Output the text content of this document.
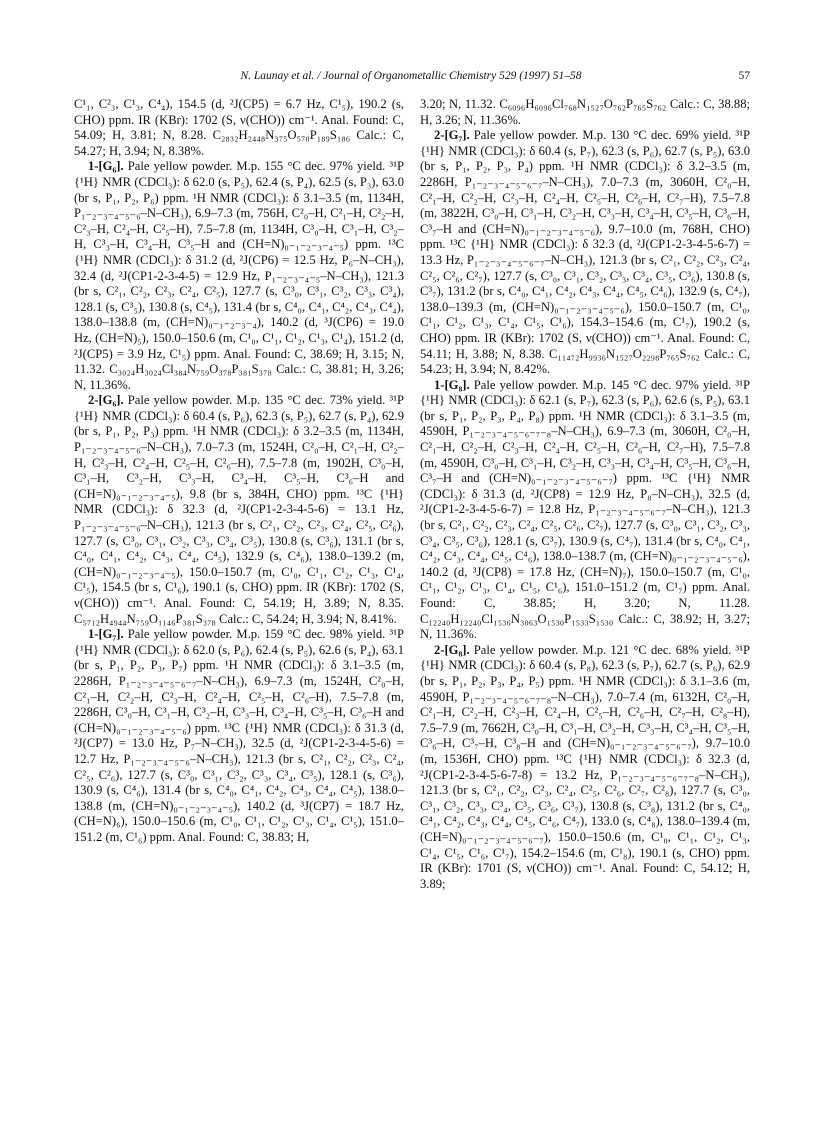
N. Launay et al. / Journal of Organometallic Chemistry 529 (1997) 51–58	57

C¹₁, C²₃, C¹₃, C⁴₄), 154.5 (d, ²J(CP5) = 6.7 Hz, C¹₅), 190.2 (s, CHO) ppm. IR (KBr): 1702 (S, ν(CHO)) cm⁻¹. Anal. Found: C, 54.09; H, 3.81; N, 8.28. C₂₈₃₂H₂₄₄₈N₃₇₅O₅₇₀P₁₈₉S₁₈₆ Calc.: C, 54.27; H, 3.94; N, 8.38%.

1-[G₆]. Pale yellow powder. M.p. 155 °C dec. 97% yield. ³¹P {¹H} NMR (CDCl₃): δ 62.0 (s, P₅), 62.4 (s, P₄), 62.5 (s, P₃), 63.0 (br s, P₁, P₂, P₆) ppm. ¹H NMR (CDCl₃): δ 3.1–3.5 (m, 1134H, P₁₋₂₋₃₋₄₋₅₋₆–N–CH₃), 6.9–7.3 (m, 756H, C²₀–H, C²₁–H, C²₂–H, C²₃–H, C²₄–H, C²₅–H), 7.5–7.8 (m, 1134H, C³₀–H, C³₁–H, C³₂–H, C³₃–H, C³₄–H, C³₅–H and (CH=N)₀₋₁₋₂₋₃₋₄₋₅) ppm. ¹³C {¹H} NMR (CDCl₃): δ 31.2 (d, ²J(CP6) = 12.5 Hz, P₆–N–CH₃), 32.4 (d, ²J(CP1-2-3-4-5) = 12.9 Hz, P₁₋₂₋₃₋₄₋₅–N–CH₃), 121.3 (br s, C²₁, C²₂, C²₃, C²₄, C²₅), 127.7 (s, C³₀, C³₁, C³₂, C³₃, C³₄), 128.1 (s, C³₅), 130.8 (s, C⁴₅), 131.4 (br s, C⁴₀, C⁴₁, C⁴₂, C⁴₃, C⁴₄), 138.0–138.8 (m, (CH=N)₀₋₁₋₂₋₃₋₄), 140.2 (d, ³J(CP6) = 19.0 Hz, (CH=N)₅), 150.0–150.6 (m, C¹₀, C¹₁, C¹₂, C¹₃, C¹₄), 151.2 (d, ²J(CP5) = 3.9 Hz, C¹₅) ppm. Anal. Found: C, 38.69; H, 3.15; N, 11.32. C₃₀₂₄H₃₀₂₄Cl₃₈₄N₇₅₉O₃₇₈P₃₈₁S₃₇₈ Calc.: C, 38.81; H, 3.26; N, 11.36%.

2-[G₆]. Pale yellow powder. M.p. 135 °C dec. 73% yield. ³¹P {¹H} NMR (CDCl₃): δ 60.4 (s, P₆), 62.3 (s, P₅), 62.7 (s, P₄), 62.9 (br s, P₁, P₂, P₃) ppm. ¹H NMR (CDCl₃): δ 3.2–3.5 (m, 1134H, P₁₋₂₋₃₋₄₋₅₋₆–N–CH₃), 7.0–7.3 (m, 1524H, C²₀–H, C²₁–H, C²₂–H, C²₃–H, C²₄–H, C²₅–H, C²₆–H), 7.5–7.8 (m, 1902H, C³₀–H, C³₁–H, C³₂–H, C³₃–H, C³₄–H, C³₅–H, C³₆–H and (CH=N)₀₋₁₋₂₋₃₋₄₋₅), 9.8 (br s, 384H, CHO) ppm. ¹³C {¹H} NMR (CDCl₃): δ 32.3 (d, ²J(CP1-2-3-4-5-6) = 13.1 Hz, P₁₋₂₋₃₋₄₋₅₋₆–N–CH₃), 121.3 (br s, C²₁, C²₂, C²₃, C²₄, C²₅, C²₆), 127.7 (s, C³₀, C³₁, C³₂, C³₃, C³₄, C³₅), 130.8 (s, C³₆), 131.1 (br s, C⁴₀, C⁴₁, C⁴₂, C⁴₃, C⁴₄, C⁴₅), 132.9 (s, C⁴₆), 138.0–139.2 (m, (CH=N)₀₋₁₋₂₋₃₋₄₋₅), 150.0–150.7 (m, C¹₀, C¹₁, C¹₂, C¹₃, C¹₄, C¹₅), 154.5 (br s, C¹₆), 190.1 (s, CHO) ppm. IR (KBr): 1702 (S, ν(CHO)) cm⁻¹. Anal. Found: C, 54.19; H, 3.89; N, 8.35. C₅₇₁₂H₄₉₄₄N₇₅₉O₁₁₄₆P₃₈₁S₃₇₈ Calc.: C, 54.24; H, 3.94; N, 8.41%.

1-[G₇]. Pale yellow powder. M.p. 159 °C dec. 98% yield. ³¹P {¹H} NMR (CDCl₃): δ 62.0 (s, P₆), 62.4 (s, P₅), 62.6 (s, P₄), 63.1 (br s, P₁, P₂, P₃, P₇) ppm. ¹H NMR (CDCl₃): δ 3.1–3.5 (m, 2286H, P₁₋₂₋₃₋₄₋₅₋₆₋₇–N–CH₃), 6.9–7.3 (m, 1524H, C²₀–H, C²₁–H, C²₂–H, C²₃–H, C²₄–H, C²₅–H, C²₆–H), 7.5–7.8 (m, 2286H, C³₀–H, C³₁–H, C³₂–H, C³₃–H, C³₄–H, C³₅–H, C³₆–H and (CH=N)₀₋₁₋₂₋₃₋₄₋₅₋₆) ppm. ¹³C {¹H} NMR (CDCl₃): δ 31.3 (d, ²J(CP7) = 13.0 Hz, P₇–N–CH₃), 32.5 (d, ²J(CP1-2-3-4-5-6) = 12.7 Hz, P₁₋₂₋₃₋₄₋₅₋₆–N–CH₃), 121.3 (br s, C²₁, C²₂, C²₃, C²₄, C²₅, C²₆), 127.7 (s, C³₀, C³₁, C³₂, C³₃, C³₄, C³₅), 128.1 (s, C³₆), 130.9 (s, C⁴₆), 131.4 (br s, C⁴₀, C⁴₁, C⁴₂, C⁴₃, C⁴₄, C⁴₅), 138.0–138.8 (m, (CH=N)₀₋₁₋₂₋₃₋₄₋₅), 140.2 (d, ³J(CP7) = 18.7 Hz, (CH=N)₆), 150.0–150.6 (m, C¹₀, C¹₁, C¹₂, C¹₃, C¹₄, C¹₅), 151.0–151.2 (m, C¹₆) ppm. Anal. Found: C, 38.83; H,

3.20; N, 11.32. C₆₀₉₆H₆₀₉₆Cl₇₆₈N₁₅₂₇O₇₆₂P₇₆₅S₇₆₂ Calc.: C, 38.88; H, 3.26; N, 11.36%.

2-[G₇]. Pale yellow powder. M.p. 130 °C dec. 69% yield. ³¹P {¹H} NMR (CDCl₃): δ 60.4 (s, P₇), 62.3 (s, P₆), 62.7 (s, P₅), 63.0 (br s, P₁, P₂, P₃, P₄) ppm. ¹H NMR (CDCl₃): δ 3.2–3.5 (m, 2286H, P₁₋₂₋₃₋₄₋₅₋₆₋₇–N–CH₃), 7.0–7.3 (m, 3060H, C²₀–H, C²₁–H, C²₂–H, C²₃–H, C²₄–H, C²₅–H, C²₆–H, C²₇–H), 7.5–7.8 (m, 3822H, C³₀–H, C³₁–H, C³₂–H, C³₃–H, C³₄–H, C³₅–H, C³₆–H, C³₇–H and (CH=N)₀₋₁₋₂₋₃₋₄₋₅₋₆), 9.7–10.0 (m, 768H, CHO) ppm. ¹³C {¹H} NMR (CDCl₃): δ 32.3 (d, ²J(CP1-2-3-4-5-6-7) = 13.3 Hz, P₁₋₂₋₃₋₄₋₅₋₆₋₇–N–CH₃), 121.3 (br s, C²₁, C²₂, C²₃, C²₄, C²₅, C²₆, C²₇), 127.7 (s, C³₀, C³₁, C³₂, C³₃, C³₄, C³₅, C³₆), 130.8 (s, C³₇), 131.2 (br s, C⁴₀, C⁴₁, C⁴₂, C⁴₃, C⁴₄, C⁴₅, C⁴₆), 132.9 (s, C⁴₇), 138.0–139.3 (m, (CH=N)₀₋₁₋₂₋₃₋₄₋₅₋₆), 150.0–150.7 (m, C¹₀, C¹₁, C¹₂, C¹₃, C¹₄, C¹₅, C¹₆), 154.3–154.6 (m, C¹₇), 190.2 (s, CHO) ppm. IR (KBr): 1702 (S, ν(CHO)) cm⁻¹. Anal. Found: C, 54.11; H, 3.88; N, 8.38. C₁₁₄₇₂H₉₉₃₆N₁₅₂₇O₂₂₉₈P₇₆₅S₇₆₂ Calc.: C, 54.23; H, 3.94; N, 8.42%.

1-[G₈]. Pale yellow powder. M.p. 145 °C dec. 97% yield. ³¹P {¹H} NMR (CDCl₃): δ 62.1 (s, P₇), 62.3 (s, P₆), 62.6 (s, P₅), 63.1 (br s, P₁, P₂, P₃, P₄, P₈) ppm. ¹H NMR (CDCl₃): δ 3.1–3.5 (m, 4590H, P₁₋₂₋₃₋₄₋₅₋₆₋₇₋₈–N–CH₃), 6.9–7.3 (m, 3060H, C²₀–H, C²₁–H, C²₂–H, C²₃–H, C²₄–H, C²₅–H, C²₆–H, C²₇–H), 7.5–7.8 (m, 4590H, C³₀–H, C³₁–H, C³₂–H, C³₃–H, C³₄–H, C³₅–H, C³₆–H, C³₇–H and (CH=N)₀₋₁₋₂₋₃₋₄₋₅₋₆₋₇) ppm. ¹³C {¹H} NMR (CDCl₃): δ 31.3 (d, ²J(CP8) = 12.9 Hz, P₈–N–CH₃), 32.5 (d, ²J(CP1-2-3-4-5-6-7) = 12.8 Hz, P₁₋₂₋₃₋₄₋₅₋₆₋₇–N–CH₃), 121.3 (br s, C²₁, C²₂, C²₃, C²₄, C²₅, C²₆, C²₇), 127.7 (s, C³₀, C³₁, C³₂, C³₃, C³₄, C³₅, C³₆), 128.1 (s, C³₇), 130.9 (s, C⁴₇), 131.4 (br s, C⁴₀, C⁴₁, C⁴₂, C⁴₃, C⁴₄, C⁴₅, C⁴₆), 138.0–138.7 (m, (CH=N)₀₋₁₋₂₋₃₋₄₋₅₋₆), 140.2 (d, ³J(CP8) = 17.8 Hz, (CH=N)₇), 150.0–150.7 (m, C¹₀, C¹₁, C¹₂, C¹₃, C¹₄, C¹₅, C¹₆), 151.0–151.2 (m, C¹₇) ppm. Anal. Found: C, 38.85; H, 3.20; N, 11.28. C₁₂₂₄₀H₁₂₂₄₀Cl₁₅₃₆N₃₀₆₃O₁₅₃₀P₁₅₃₃S₁₅₃₀ Calc.: C, 38.92; H, 3.27; N, 11.36%.

2-[G₈]. Pale yellow powder. M.p. 121 °C dec. 68% yield. ³¹P {¹H} NMR (CDCl₃): δ 60.4 (s, P₈), 62.3 (s, P₇), 62.7 (s, P₆), 62.9 (br s, P₁, P₂, P₃, P₄, P₅) ppm. ¹H NMR (CDCl₃): δ 3.1–3.6 (m, 4590H, P₁₋₂₋₃₋₄₋₅₋₆₋₇₋₈–N–CH₃), 7.0–7.4 (m, 6132H, C²₀–H, C²₁–H, C²₂–H, C²₃–H, C²₄–H, C²₅–H, C²₆–H, C²₇–H, C²₈–H), 7.5–7.9 (m, 7662H, C³₀–H, C³₁–H, C³₂–H, C³₃–H, C³₄–H, C³₅–H, C³₆–H, C³₇–H, C³₈–H and (CH=N)₀₋₁₋₂₋₃₋₄₋₅₋₆₋₇), 9.7–10.0 (m, 1536H, CHO) ppm. ¹³C {¹H} NMR (CDCl₃): δ 32.3 (d, ²J(CP1-2-3-4-5-6-7-8) = 13.2 Hz, P₁₋₂₋₃₋₄₋₅₋₆₋₇₋₈–N–CH₃), 121.3 (br s, C²₁, C²₂, C²₃, C²₄, C²₅, C²₆, C²₇, C²₈), 127.7 (s, C³₀, C³₁, C³₂, C³₃, C³₄, C³₅, C³₆, C³₇), 130.8 (s, C³₈), 131.2 (br s, C⁴₀, C⁴₁, C⁴₂, C⁴₃, C⁴₄, C⁴₅, C⁴₆, C⁴₇), 133.0 (s, C⁴₈), 138.0–139.4 (m, (CH=N)₀₋₁₋₂₋₃₋₄₋₅₋₆₋₇), 150.0–150.6 (m, C¹₀, C¹₁, C¹₂, C¹₃, C¹₄, C¹₅, C¹₆, C¹₇), 154.2–154.6 (m, C¹₈), 190.1 (s, CHO) ppm. IR (KBr): 1701 (S, ν(CHO)) cm⁻¹. Anal. Found: C, 54.12; H, 3.89;
